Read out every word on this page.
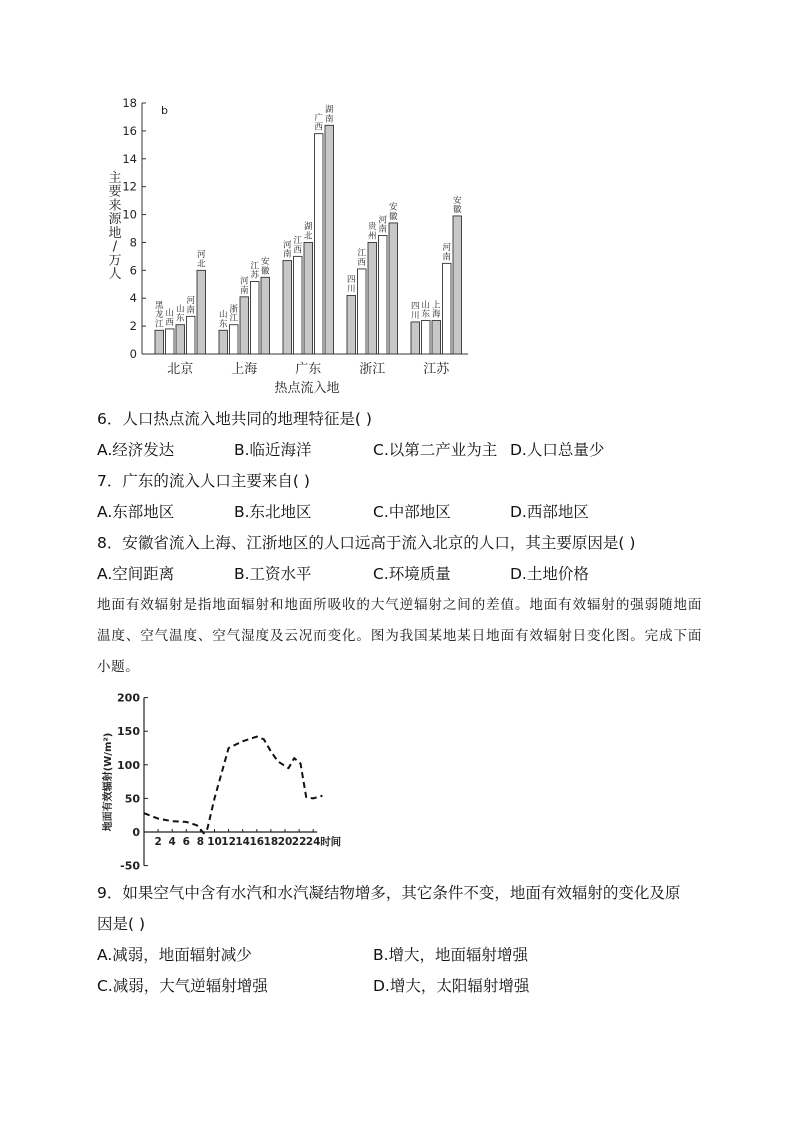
0
2
4
6
8
10
12
14
16
18
b
主要来源地/万人
黑龙江
山西
山东
河南
河北
北京
山东
浙江
河南
江苏
安徽
上海
河南
江西
湖北
广西
湖南
广东
四川
江西
贵州
河南
安徽
浙江
四川
山东
上海
河南
安徽
江苏
热点流入地
6．人口热点流入地共同的地理特征是( )
A.经济发达	B.临近海洋	C.以第二产业为主 D.人口总量少
7．广东的流入人口主要来自( )
A.东部地区	B.东北地区	C.中部地区	D.西部地区
8．安徽省流入上海、江浙地区的人口远高于流入北京的人口，其主要原因是( )
A.空间距离	B.工资水平	C.环境质量	D.土地价格
地面有效辐射是指地面辐射和地面所吸收的大气逆辐射之间的差值。地面有效辐射的强弱随地面温度、空气温度、空气湿度及云况而变化。图为我国某地某日地面有效辐射日变化图。完成下面小题。
-50
0
50
100
150
200
2 4 6 8 10 12 14 16 18 20 22 24 时间
地面有效辐射(W/m²)
9．如果空气中含有水汽和水汽凝结物增多，其它条件不变，地面有效辐射的变化及原
因是( )
A.减弱，地面辐射减少	B.增大，地面辐射增强
C.减弱，大气逆辐射增强	D.增大，太阳辐射增强
